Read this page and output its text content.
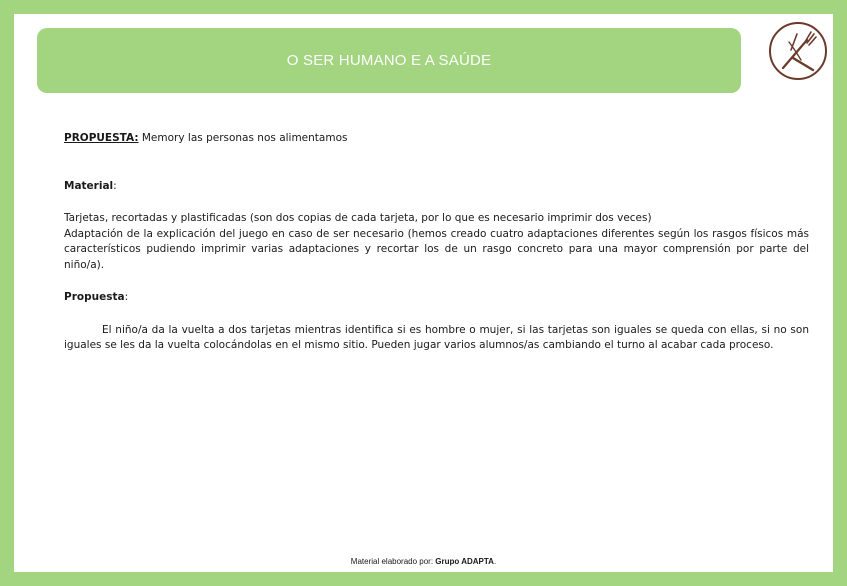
O SER HUMANO E A SAÚDE

PROPUESTA: Memory las personas nos alimentamos

Material:

Tarjetas, recortadas y plastificadas (son dos copias de cada tarjeta, por lo que es necesario imprimir dos veces)

Adaptación de la explicación del juego en caso de ser necesario (hemos creado cuatro adaptaciones diferentes según los rasgos físicos más característicos pudiendo imprimir varias adaptaciones y recortar los de un rasgo concreto para una mayor comprensión por parte del niño/a).

Propuesta:

El niño/a da la vuelta a dos tarjetas mientras identifica si es hombre o mujer, si las tarjetas son iguales se queda con ellas, si no son iguales se les da la vuelta colocándolas en el mismo sitio. Pueden jugar varios alumnos/as cambiando el turno al acabar cada proceso.

Material elaborado por: Grupo ADAPTA.
